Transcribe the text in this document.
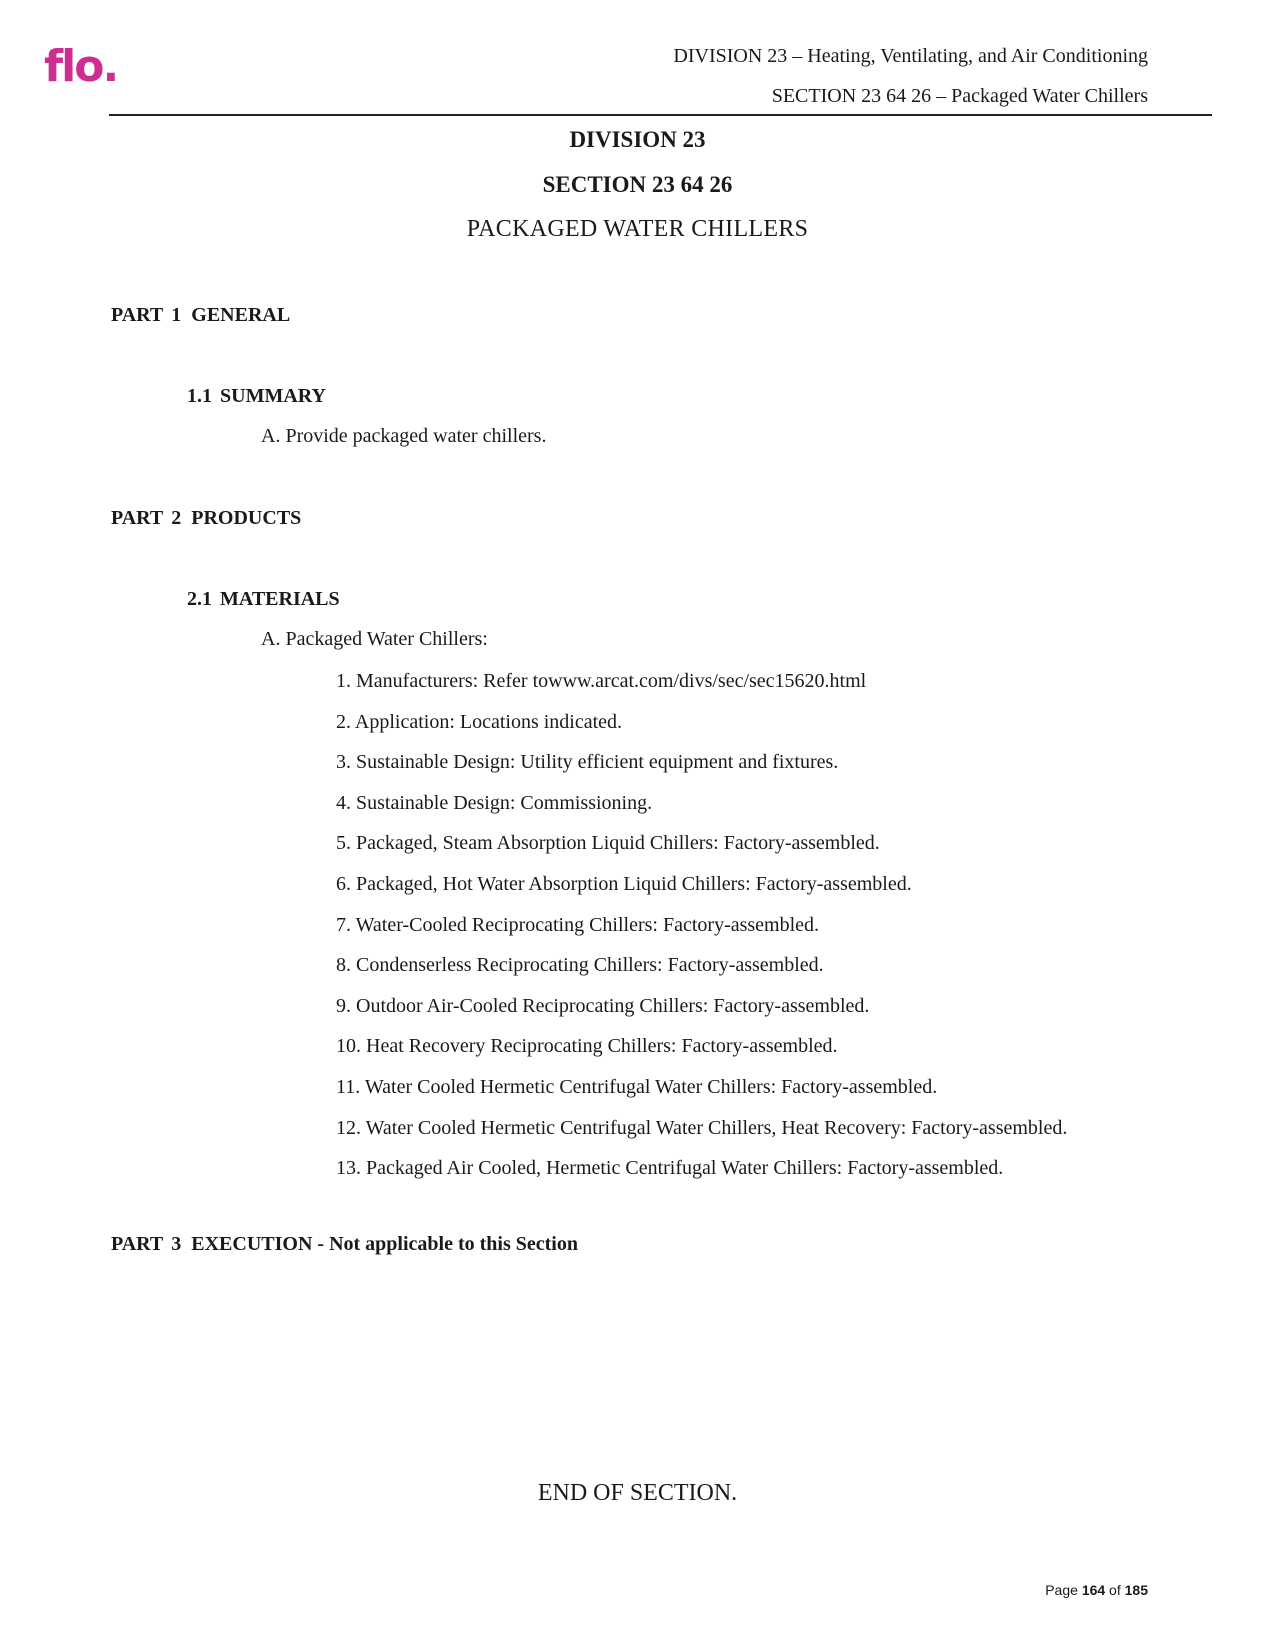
flo.	DIVISION 23 – Heating, Ventilating, and Air Conditioning
SECTION 23 64 26 – Packaged Water Chillers
DIVISION 23
SECTION 23 64 26
PACKAGED WATER CHILLERS
PART 1 GENERAL
1.1 SUMMARY
A. Provide packaged water chillers.
PART 2 PRODUCTS
2.1 MATERIALS
A. Packaged Water Chillers:
1. Manufacturers: Refer towww.arcat.com/divs/sec/sec15620.html
2. Application: Locations indicated.
3. Sustainable Design: Utility efficient equipment and fixtures.
4. Sustainable Design: Commissioning.
5. Packaged, Steam Absorption Liquid Chillers: Factory-assembled.
6. Packaged, Hot Water Absorption Liquid Chillers: Factory-assembled.
7. Water-Cooled Reciprocating Chillers: Factory-assembled.
8. Condenserless Reciprocating Chillers: Factory-assembled.
9. Outdoor Air-Cooled Reciprocating Chillers: Factory-assembled.
10. Heat Recovery Reciprocating Chillers: Factory-assembled.
11. Water Cooled Hermetic Centrifugal Water Chillers: Factory-assembled.
12. Water Cooled Hermetic Centrifugal Water Chillers, Heat Recovery: Factory-assembled.
13. Packaged Air Cooled, Hermetic Centrifugal Water Chillers: Factory-assembled.
PART 3 EXECUTION - Not applicable to this Section
END OF SECTION.
Page 164 of 185
